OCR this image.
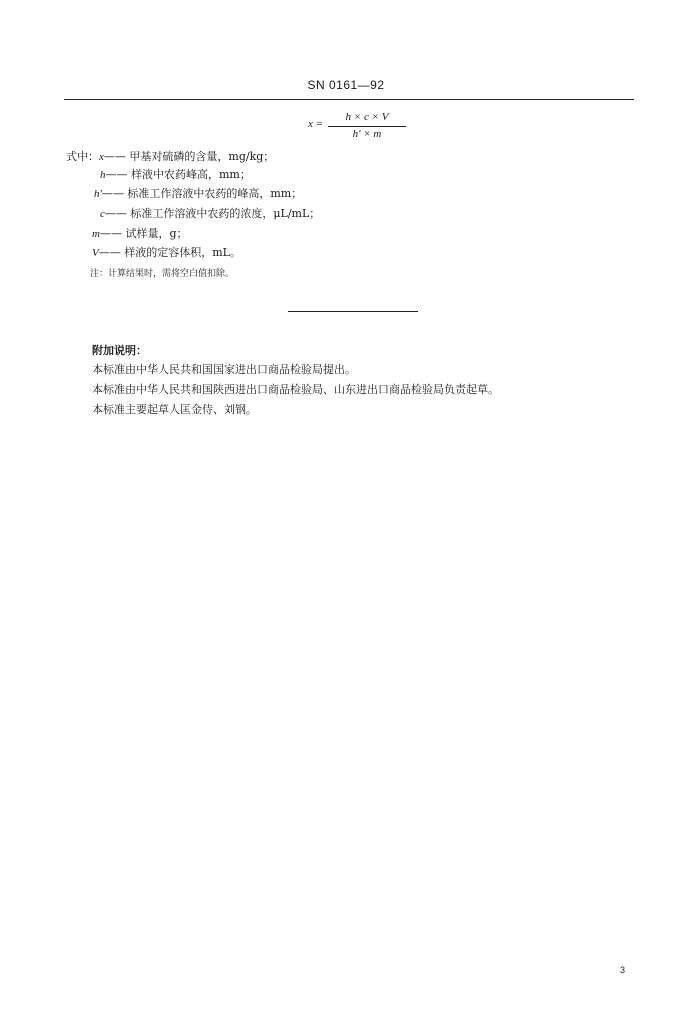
SN 0161—92
x =
h × c × V
h' × m
式中：x—— 甲基对硫磷的含量，mg/kg；
h—— 样液中农药峰高，mm；
h'—— 标准工作溶液中农药的峰高，mm；
c—— 标准工作溶液中农药的浓度，μL/mL；
m—— 试样量，g；
V—— 样液的定容体积，mL。
注：计算结果时，需将空白值扣除。
附加说明：
本标准由中华人民共和国国家进出口商品检验局提出。
本标准由中华人民共和国陕西进出口商品检验局、山东进出口商品检验局负责起草。
本标准主要起草人匡金侍、刘钢。
3
